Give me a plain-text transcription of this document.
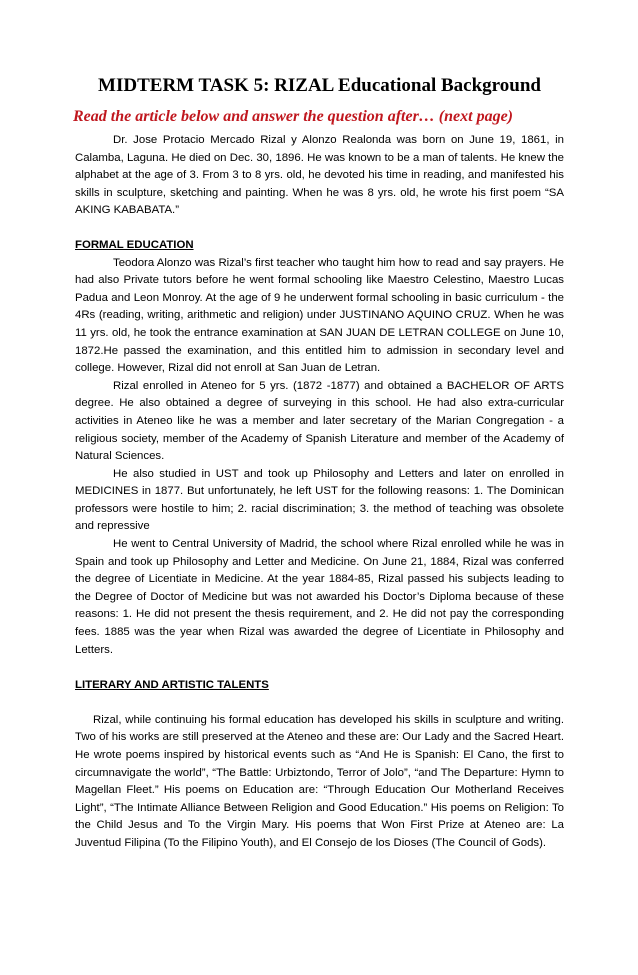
MIDTERM TASK 5: RIZAL Educational Background
Read the article below and answer the question after… (next page)

Dr. Jose Protacio Mercado Rizal y Alonzo Realonda was born on June 19, 1861, in Calamba, Laguna. He died on Dec. 30, 1896. He was known to be a man of talents. He knew the alphabet at the age of 3. From 3 to 8 yrs. old, he devoted his time in reading, and manifested his skills in sculpture, sketching and painting. When he was 8 yrs. old, he wrote his first poem “SA AKING KABABATA.”

FORMAL EDUCATION

Teodora Alonzo was Rizal’s first teacher who taught him how to read and say prayers. He had also Private tutors before he went formal schooling like Maestro Celestino, Maestro Lucas Padua and Leon Monroy. At the age of 9 he underwent formal schooling in basic curriculum - the 4Rs (reading, writing, arithmetic and religion) under JUSTINANO AQUINO CRUZ. When he was 11 yrs. old, he took the entrance examination at SAN JUAN DE LETRAN COLLEGE on June 10, 1872.He passed the examination, and this entitled him to admission in secondary level and college. However, Rizal did not enroll at San Juan de Letran.

Rizal enrolled in Ateneo for 5 yrs. (1872 -1877) and obtained a BACHELOR OF ARTS degree. He also obtained a degree of surveying in this school. He had also extra-curricular activities in Ateneo like he was a member and later secretary of the Marian Congregation - a religious society, member of the Academy of Spanish Literature and member of the Academy of Natural Sciences.

He also studied in UST and took up Philosophy and Letters and later on enrolled in MEDICINES in 1877. But unfortunately, he left UST for the following reasons: 1. The Dominican professors were hostile to him; 2. racial discrimination; 3. the method of teaching was obsolete and repressive

He went to Central University of Madrid, the school where Rizal enrolled while he was in Spain and took up Philosophy and Letter and Medicine. On June 21, 1884, Rizal was conferred the degree of Licentiate in Medicine. At the year 1884-85, Rizal passed his subjects leading to the Degree of Doctor of Medicine but was not awarded his Doctor’s Diploma because of these reasons: 1. He did not present the thesis requirement, and 2. He did not pay the corresponding fees. 1885 was the year when Rizal was awarded the degree of Licentiate in Philosophy and Letters.

LITERARY AND ARTISTIC TALENTS

Rizal, while continuing his formal education has developed his skills in sculpture and writing. Two of his works are still preserved at the Ateneo and these are: Our Lady and the Sacred Heart. He wrote poems inspired by historical events such as “And He is Spanish: El Cano, the first to circumnavigate the world”, “The Battle: Urbiztondo, Terror of Jolo”, “and The Departure: Hymn to Magellan Fleet.” His poems on Education are: “Through Education Our Motherland Receives Light”, “The Intimate Alliance Between Religion and Good Education.” His poems on Religion: To the Child Jesus and To the Virgin Mary. His poems that Won First Prize at Ateneo are: La Juventud Filipina (To the Filipino Youth), and El Consejo de los Dioses (The Council of Gods).
